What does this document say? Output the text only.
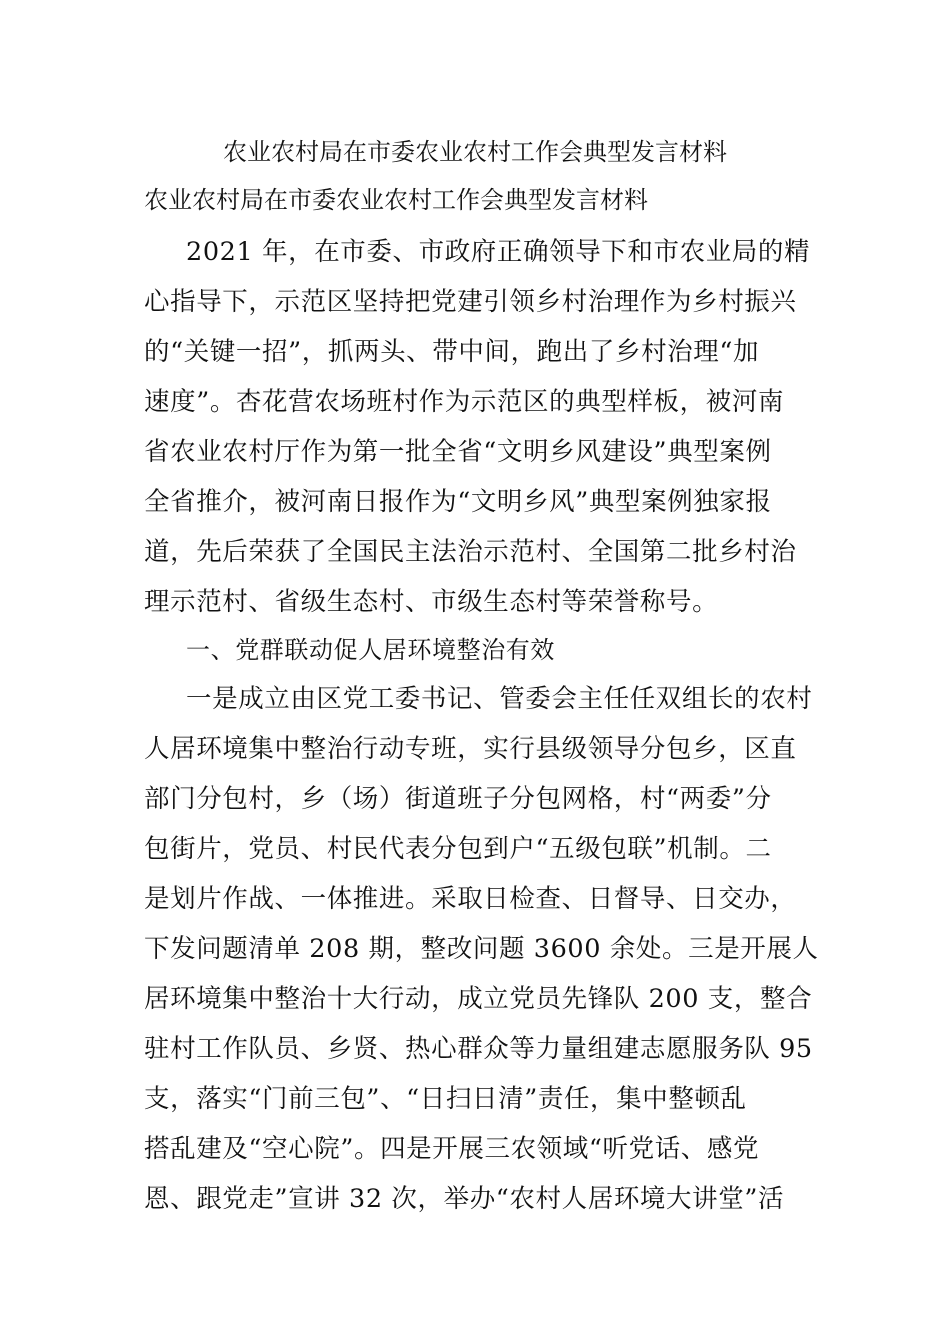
农业农村局在市委农业农村工作会典型发言材料
农业农村局在市委农业农村工作会典型发言材料
2021 年，在市委、市政府正确领导下和市农业局的精
心指导下，示范区坚持把党建引领乡村治理作为乡村振兴
的“关键一招”，抓两头、带中间，跑出了乡村治理“加
速度”。杏花营农场班村作为示范区的典型样板，被河南
省农业农村厅作为第一批全省“文明乡风建设”典型案例
全省推介，被河南日报作为“文明乡风”典型案例独家报
道，先后荣获了全国民主法治示范村、全国第二批乡村治
理示范村、省级生态村、市级生态村等荣誉称号。
一、党群联动促人居环境整治有效
一是成立由区党工委书记、管委会主任任双组长的农村
人居环境集中整治行动专班，实行县级领导分包乡，区直
部门分包村，乡（场）街道班子分包网格，村“两委”分
包街片，党员、村民代表分包到户“五级包联”机制。二
是划片作战、一体推进。采取日检查、日督导、日交办，
下发问题清单 208 期，整改问题 3600 余处。三是开展人
居环境集中整治十大行动，成立党员先锋队 200 支，整合
驻村工作队员、乡贤、热心群众等力量组建志愿服务队 95
支，落实“门前三包”、“日扫日清”责任，集中整顿乱
搭乱建及“空心院”。四是开展三农领域“听党话、感党
恩、跟党走”宣讲 32 次，举办“农村人居环境大讲堂”活
